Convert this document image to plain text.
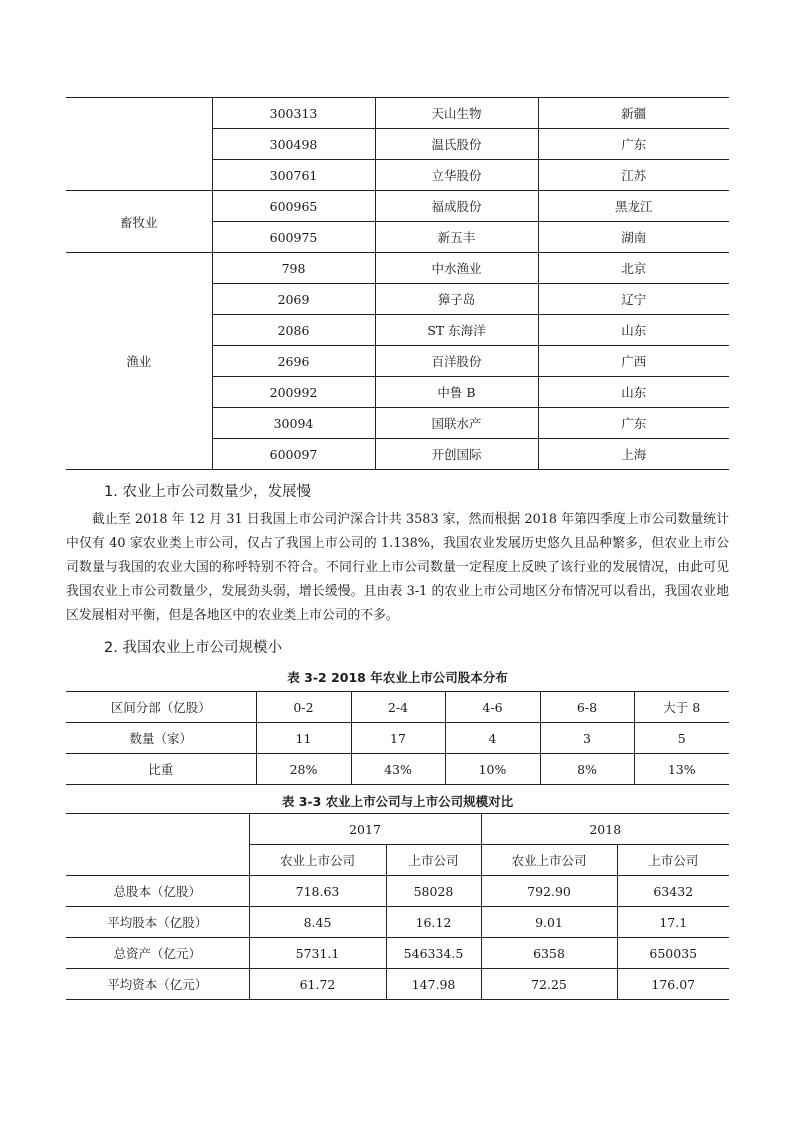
	300313	天山生物	新疆
	300498	温氏股份	广东
	300761	立华股份	江苏
畜牧业	600965	福成股份	黑龙江
	600975	新五丰	湖南
渔业	798	中水渔业	北京
	2069	獐子岛	辽宁
	2086	ST 东海洋	山东
	2696	百洋股份	广西
	200992	中鲁 B	山东
	30094	国联水产	广东
	600097	开创国际	上海
1. 农业上市公司数量少，发展慢

截止至 2018 年 12 月 31 日我国上市公司沪深合计共 3583 家，然而根据 2018 年第四季度上市公司数量统计中仅有 40 家农业类上市公司，仅占了我国上市公司的 1.138%，我国农业发展历史悠久且品种繁多，但农业上市公司数量与我国的农业大国的称呼特别不符合。不同行业上市公司数量一定程度上反映了该行业的发展情况，由此可见我国农业上市公司数量少，发展劲头弱，增长缓慢。且由表 3-1 的农业上市公司地区分布情况可以看出，我国农业地区发展相对平衡，但是各地区中的农业类上市公司的不多。

2. 我国农业上市公司规模小
表 3-2 2018 年农业上市公司股本分布
区间分部（亿股）	0-2	2-4	4-6	6-8	大于 8
数量（家）	11	17	4	3	5
比重	28%	43%	10%	8%	13%
表 3-3 农业上市公司与上市公司规模对比
	2017		2018	
	农业上市公司	上市公司	农业上市公司	上市公司
总股本（亿股）	718.63	58028	792.90	63432
平均股本（亿股）	8.45	16.12	9.01	17.1
总资产（亿元）	5731.1	546334.5	6358	650035
平均资本（亿元）	61.72	147.98	72.25	176.07
